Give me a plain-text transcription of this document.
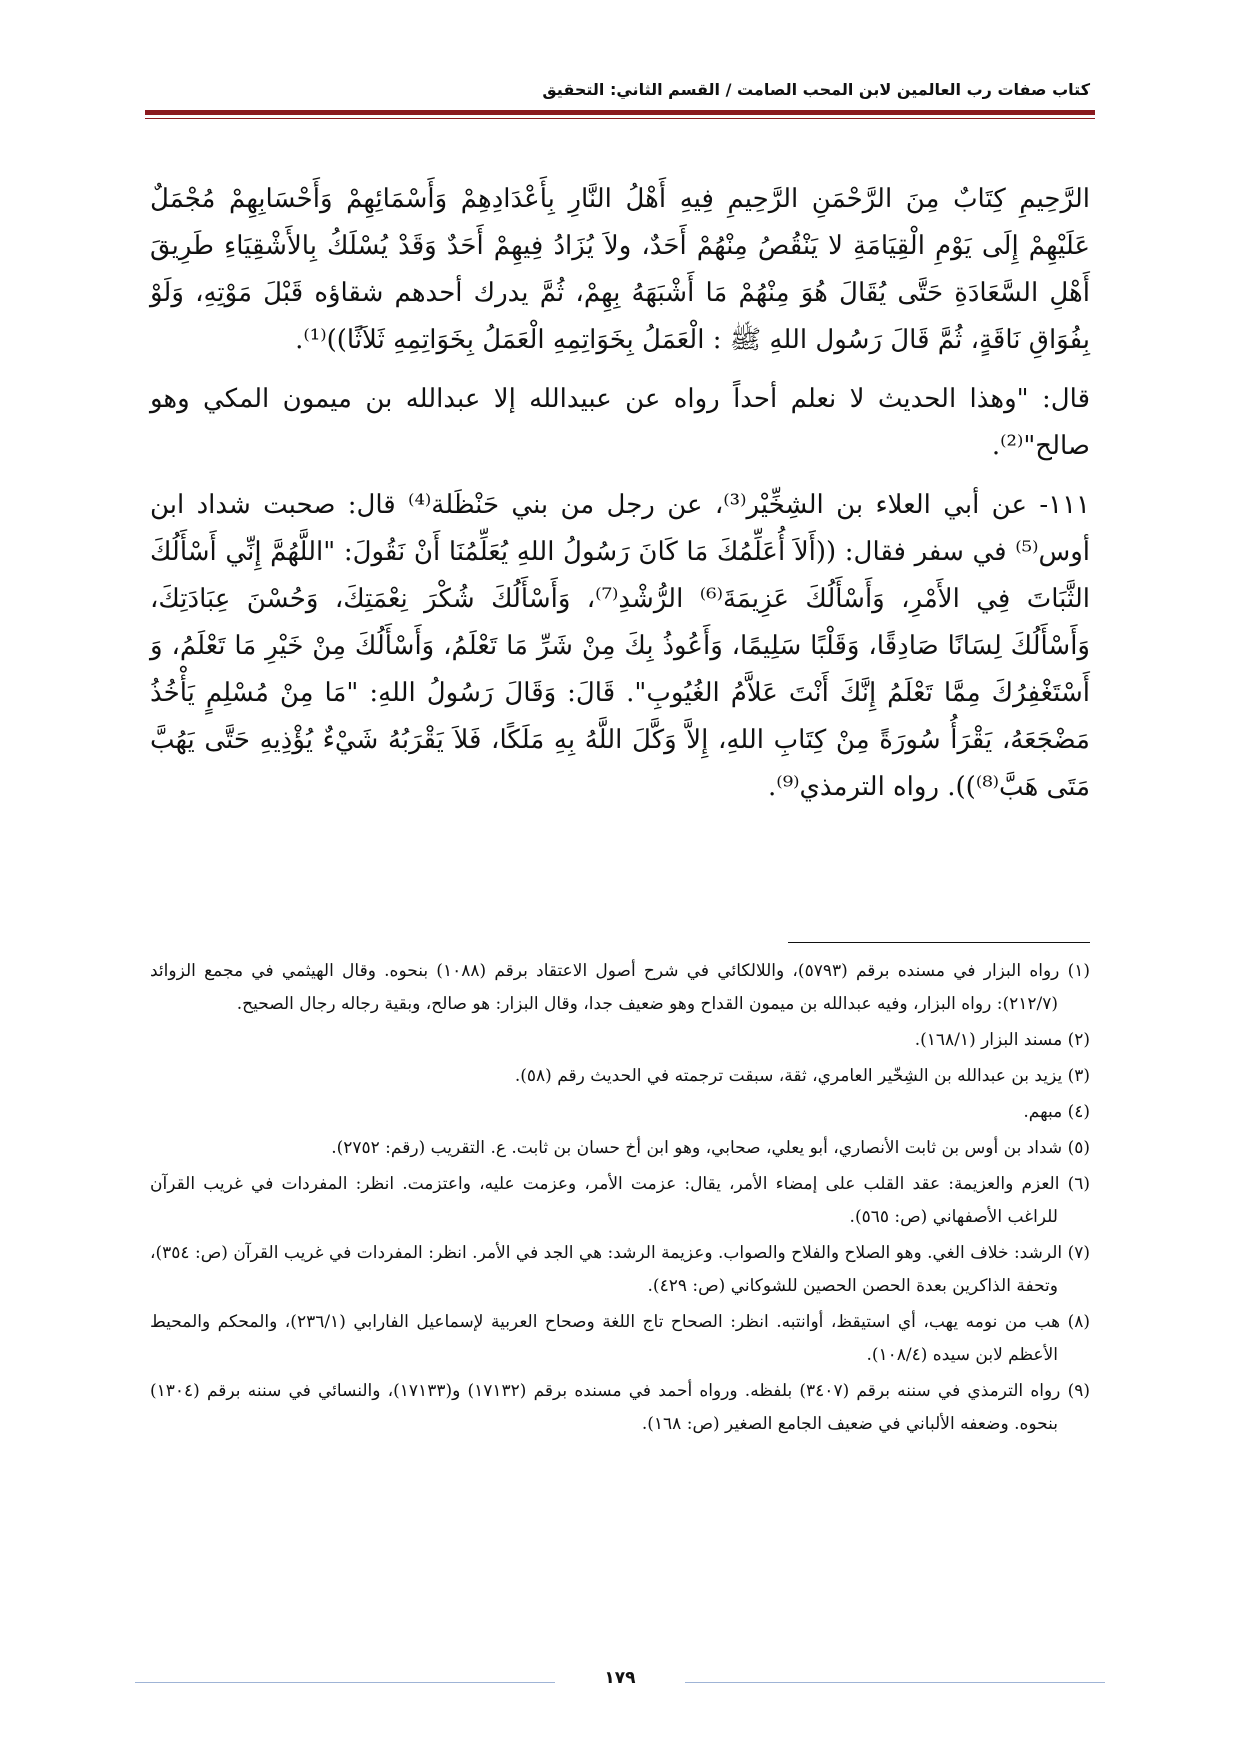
كتاب صفات رب العالمين لابن المحب الصامت / القسم الثاني: التحقيق

الرَّحِيمِ كِتَابٌ مِنَ الرَّحْمَنِ الرَّحِيمِ فِيهِ أَهْلُ النَّارِ بِأَعْدَادِهِمْ وَأَسْمَائِهِمْ وَأَحْسَابِهِمْ مُجْمَلٌ عَلَيْهِمْ إِلَى يَوْمِ الْقِيَامَةِ لا يَنْقُصُ مِنْهُمْ أَحَدٌ، ولاَ يُزَادُ فِيهِمْ أَحَدٌ وَقَدْ يُسْلَكُ بِالأَشْقِيَاءِ طَرِيقَ أَهْلِ السَّعَادَةِ حَتَّى يُقَالَ هُوَ مِنْهُمْ مَا أَشْبَهَهُ بِهِمْ، ثُمَّ يدرك أحدهم شقاؤه قَبْلَ مَوْتِهِ، وَلَوْ بِفُوَاقِ نَاقَةٍ، ثُمَّ قَالَ رَسُول اللهِ ﷺ : الْعَمَلُ بِخَوَاتِمِهِ الْعَمَلُ بِخَوَاتِمِهِ ثَلاَثًا))⁽¹⁾.

قال: "وهذا الحديث لا نعلم أحداً رواه عن عبيدالله إلا عبدالله بن ميمون المكي وهو صالح"⁽²⁾.

١١١- عن أبي العلاء بن الشِخِّيْر⁽³⁾، عن رجل من بني حَنْظَلة⁽⁴⁾ قال: صحبت شداد ابن أوس⁽⁵⁾ في سفر فقال: ((أَلاَ أُعَلِّمُكَ مَا كَانَ رَسُولُ اللهِ يُعَلِّمُنَا أَنْ نَقُولَ: "اللَّهُمَّ إِنِّي أَسْأَلُكَ الثَّبَاتَ فِي الأَمْرِ، وَأَسْأَلُكَ عَزِيمَةَ⁽⁶⁾ الرُّشْدِ⁽⁷⁾، وَأَسْأَلُكَ شُكْرَ نِعْمَتِكَ، وَحُسْنَ عِبَادَتِكَ، وَأَسْأَلُكَ لِسَانًا صَادِقًا، وَقَلْبًا سَلِيمًا، وَأَعُوذُ بِكَ مِنْ شَرِّ مَا تَعْلَمُ، وَأَسْأَلُكَ مِنْ خَيْرِ مَا تَعْلَمُ، وَ أَسْتَغْفِرُكَ مِمَّا تَعْلَمُ إِنَّكَ أَنْتَ عَلاَّمُ الغُيُوبِ". قَالَ: وَقَالَ رَسُولُ اللهِ: "مَا مِنْ مُسْلِمٍ يَأْخُذُ مَضْجَعَهُ، يَقْرَأُ سُورَةً مِنْ كِتَابِ اللهِ، إِلاَّ وَكَّلَ اللَّهُ بِهِ مَلَكًا، فَلاَ يَقْرَبُهُ شَيْءٌ يُؤْذِيهِ حَتَّى يَهُبَّ مَتَى هَبَّ⁽⁸⁾)). رواه الترمذي⁽⁹⁾.

(١) رواه البزار في مسنده برقم (٥٧٩٣)، واللالكائي في شرح أصول الاعتقاد برقم (١٠٨٨) بنحوه. وقال الهيثمي في مجمع الزوائد (٢١٢/٧): رواه البزار، وفيه عبدالله بن ميمون القداح وهو ضعيف جدا، وقال البزار: هو صالح، وبقية رجاله رجال الصحيح.

(٢) مسند البزار (١٦٨/١).

(٣) يزيد بن عبدالله بن الشِخّير العامري، ثقة، سبقت ترجمته في الحديث رقم (٥٨).

(٤) مبهم.

(٥) شداد بن أوس بن ثابت الأنصاري، أبو يعلي، صحابي، وهو ابن أخ حسان بن ثابت. ع. التقريب (رقم: ٢٧٥٢).

(٦) العزم والعزيمة: عقد القلب على إمضاء الأمر، يقال: عزمت الأمر، وعزمت عليه، واعتزمت. انظر: المفردات في غريب القرآن للراغب الأصفهاني (ص: ٥٦٥).

(٧) الرشد: خلاف الغي. وهو الصلاح والفلاح والصواب. وعزيمة الرشد: هي الجد في الأمر. انظر: المفردات في غريب القرآن (ص: ٣٥٤)، وتحفة الذاكرين بعدة الحصن الحصين للشوكاني (ص: ٤٢٩).

(٨) هب من نومه يهب، أي استيقظ، أوانتبه. انظر: الصحاح تاج اللغة وصحاح العربية لإسماعيل الفارابي (٢٣٦/١)، والمحكم والمحيط الأعظم لابن سيده (١٠٨/٤).

(٩) رواه الترمذي في سننه برقم (٣٤٠٧) بلفظه. ورواه أحمد في مسنده برقم (١٧١٣٢) و(١٧١٣٣)، والنسائي في سننه برقم (١٣٠٤) بنحوه. وضعفه الألباني في ضعيف الجامع الصغير (ص: ١٦٨).

١٧٩
